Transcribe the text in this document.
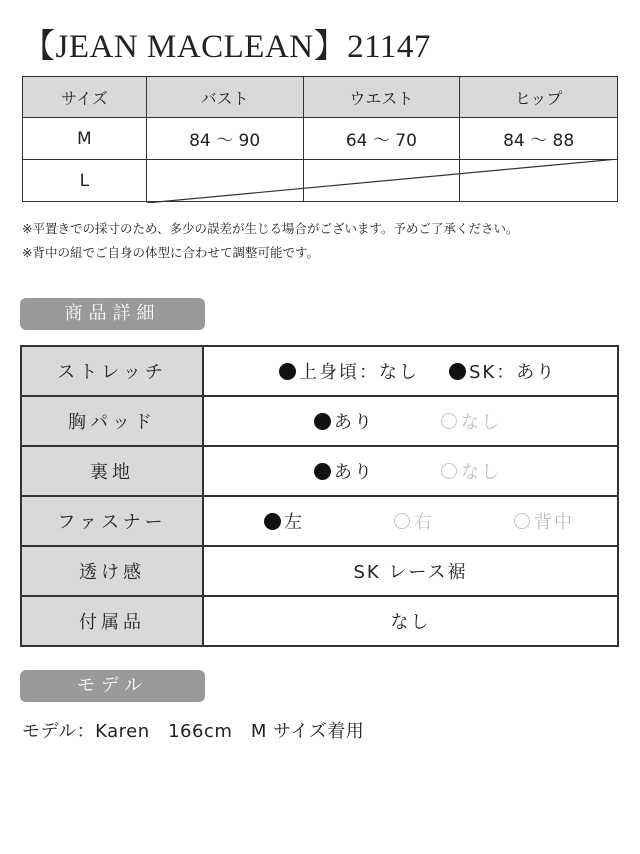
【JEAN MACLEAN】21147
サイズ	バスト	ウエスト	ヒップ
M	84 ～ 90	64 ～ 70	84 ～ 88
L			
※平置きでの採寸のため、多少の誤差が生じる場合がございます。予めご了承ください。
※背中の紐でご自身の体型に合わせて調整可能です。
商品詳細
ストレッチ	上身頃：なし SK：あり

胸パッド	あり なし

裏地	あり なし

ファスナー	左 右 背中

透け感	SK レース裾

付属品	なし
モデル
モデル：Karen　166cm　M サイズ着用
